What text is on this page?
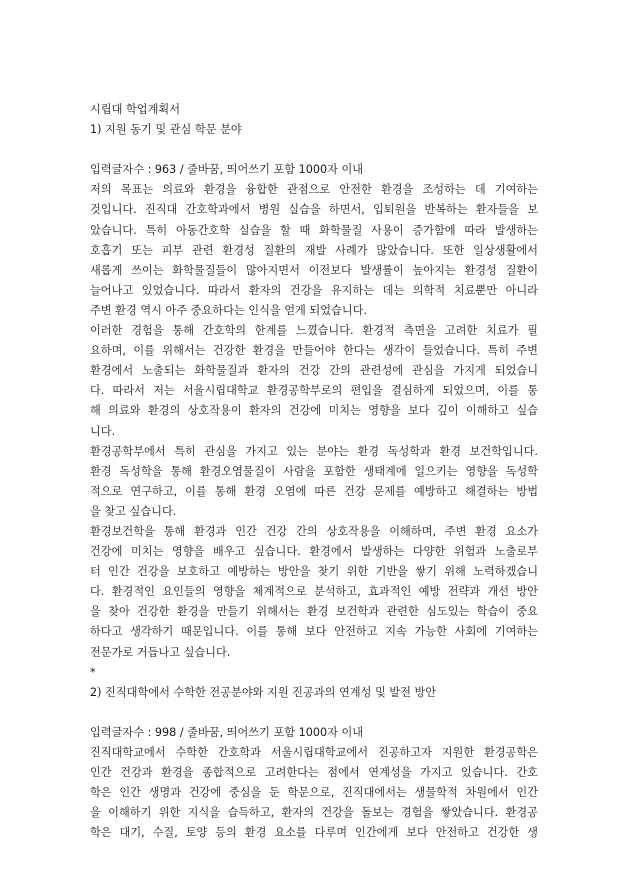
시립대 학업계획서
1) 지원 동기 및 관심 학문 분야
입력글자수 : 963 / 줄바꿈, 띄어쓰기 포함 1000자 이내
저의 목표는 의료와 환경을 융합한 관점으로 안전한 환경을 조성하는 데 기여하는
것입니다. 진직대 간호학과에서 병원 실습을 하면서, 입퇴원을 반복하는 환자들을 보
았습니다. 특히 아동간호학 실습을 할 때 화학물질 사용이 증가함에 따라 발생하는
호흡기 또는 피부 관련 환경성 질환의 재발 사례가 많았습니다. 또한 일상생활에서
새롭게 쓰이는 화학물질들이 많아지면서 이전보다 발생률이 높아지는 환경성 질환이
늘어나고 있었습니다. 따라서 환자의 건강을 유지하는 데는 의학적 치료뿐만 아니라
주변 환경 역시 아주 중요하다는 인식을 얻게 되었습니다.
이러한 경험을 통해 간호학의 한계를 느꼈습니다. 환경적 측면을 고려한 치료가 필
요하며, 이를 위해서는 건강한 환경을 만들어야 한다는 생각이 들었습니다. 특히 주변
환경에서 노출되는 화학물질과 환자의 건강 간의 관련성에 관심을 가지게 되었습니
다. 따라서 저는 서울시립대학교 환경공학부로의 편입을 결심하게 되었으며, 이를 통
해 의료와 환경의 상호작용이 환자의 건강에 미치는 영향을 보다 깊이 이해하고 싶습
니다.
환경공학부에서 특히 관심을 가지고 있는 분야는 환경 독성학과 환경 보건학입니다.
환경 독성학을 통해 환경오염물질이 사람을 포함한 생태계에 일으키는 영향을 독성학
적으로 연구하고, 이를 통해 환경 오염에 따른 건강 문제를 예방하고 해결하는 방법
을 찾고 싶습니다.
환경보건학을 통해 환경과 인간 건강 간의 상호작용을 이해하며, 주변 환경 요소가
건강에 미치는 영향을 배우고 싶습니다. 환경에서 발생하는 다양한 위험과 노출로부
터 인간 건강을 보호하고 예방하는 방안을 찾기 위한 기반을 쌓기 위해 노력하겠습니
다. 환경적인 요인들의 영향을 체계적으로 분석하고, 효과적인 예방 전략과 개선 방안
을 찾아 건강한 환경을 만들기 위해서는 환경 보건학과 관련한 심도있는 학습이 중요
하다고 생각하기 때문입니다. 이를 통해 보다 안전하고 지속 가능한 사회에 기여하는
전문가로 거듭나고 싶습니다.
*
2) 진직대학에서 수학한 전공분야와 지원 진공과의 연계성 및 발전 방안
입력글자수 : 998 / 줄바꿈, 띄어쓰기 포함 1000자 이내
진직대학교에서 수학한 간호학과 서울시립대학교에서 진공하고자 지원한 환경공학은
인간 건강과 환경을 종합적으로 고려한다는 점에서 연계성을 가지고 있습니다. 간호
학은 인간 생명과 건강에 중심을 둔 학문으로, 진직대에서는 생물학적 차원에서 인간
을 이해하기 위한 지식을 습득하고, 환자의 건강을 돌보는 경험을 쌓았습니다. 환경공
학은 대기, 수질, 토양 등의 환경 요소를 다루며 인간에게 보다 안전하고 건강한 생
